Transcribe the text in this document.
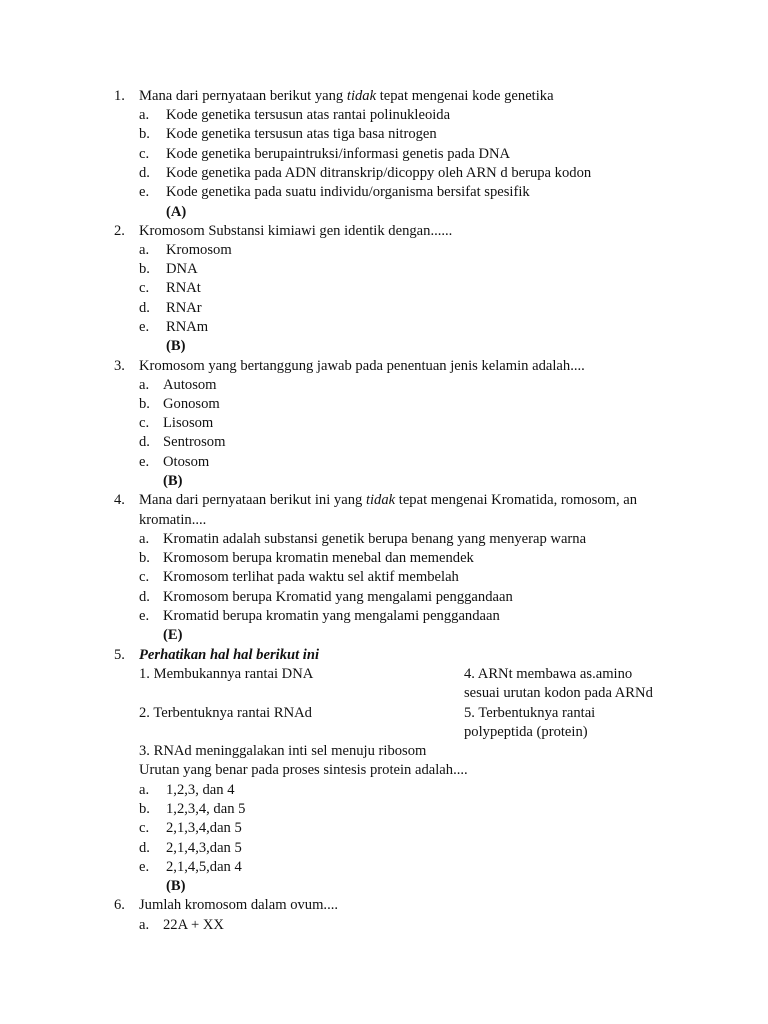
1. Mana dari pernyataan berikut yang tidak tepat mengenai kode genetika
a. Kode genetika tersusun atas rantai polinukleoida
b. Kode genetika tersusun atas tiga basa nitrogen
c. Kode genetika berupaintruksi/informasi genetis pada DNA
d. Kode genetika pada ADN ditranskrip/dicoppy oleh ARN d berupa kodon
e. Kode genetika pada suatu individu/organisma bersifat spesifik
(A)
2. Kromosom Substansi kimiawi gen identik dengan......
a. Kromosom
b. DNA
c. RNAt
d. RNAr
e. RNAm
(B)
3. Kromosom yang bertanggung jawab pada penentuan jenis kelamin adalah....
a. Autosom
b. Gonosom
c. Lisosom
d. Sentrosom
e. Otosom
(B)
4. Mana dari pernyataan berikut ini yang tidak tepat mengenai Kromatida, romosom, an
kromatin....
a. Kromatin adalah substansi genetik berupa benang yang menyerap warna
b. Kromosom berupa kromatin menebal dan memendek
c. Kromosom terlihat pada waktu sel aktif membelah
d. Kromosom berupa Kromatid yang mengalami penggandaan
e. Kromatid berupa kromatin yang mengalami penggandaan
(E)
5. Perhatikan hal hal berikut ini
1. Membukannya rantai DNA	4. ARNt membawa as.amino
sesuai urutan kodon pada ARNd
2. Terbentuknya rantai RNAd	5. Terbentuknya rantai
polypeptida (protein)
3. RNAd meninggalakan inti sel menuju ribosom
Urutan yang benar pada proses sintesis protein adalah....
a. 1,2,3, dan 4
b. 1,2,3,4, dan 5
c. 2,1,3,4,dan 5
d. 2,1,4,3,dan 5
e. 2,1,4,5,dan 4
(B)
6. Jumlah kromosom dalam ovum....
a. 22A + XX
